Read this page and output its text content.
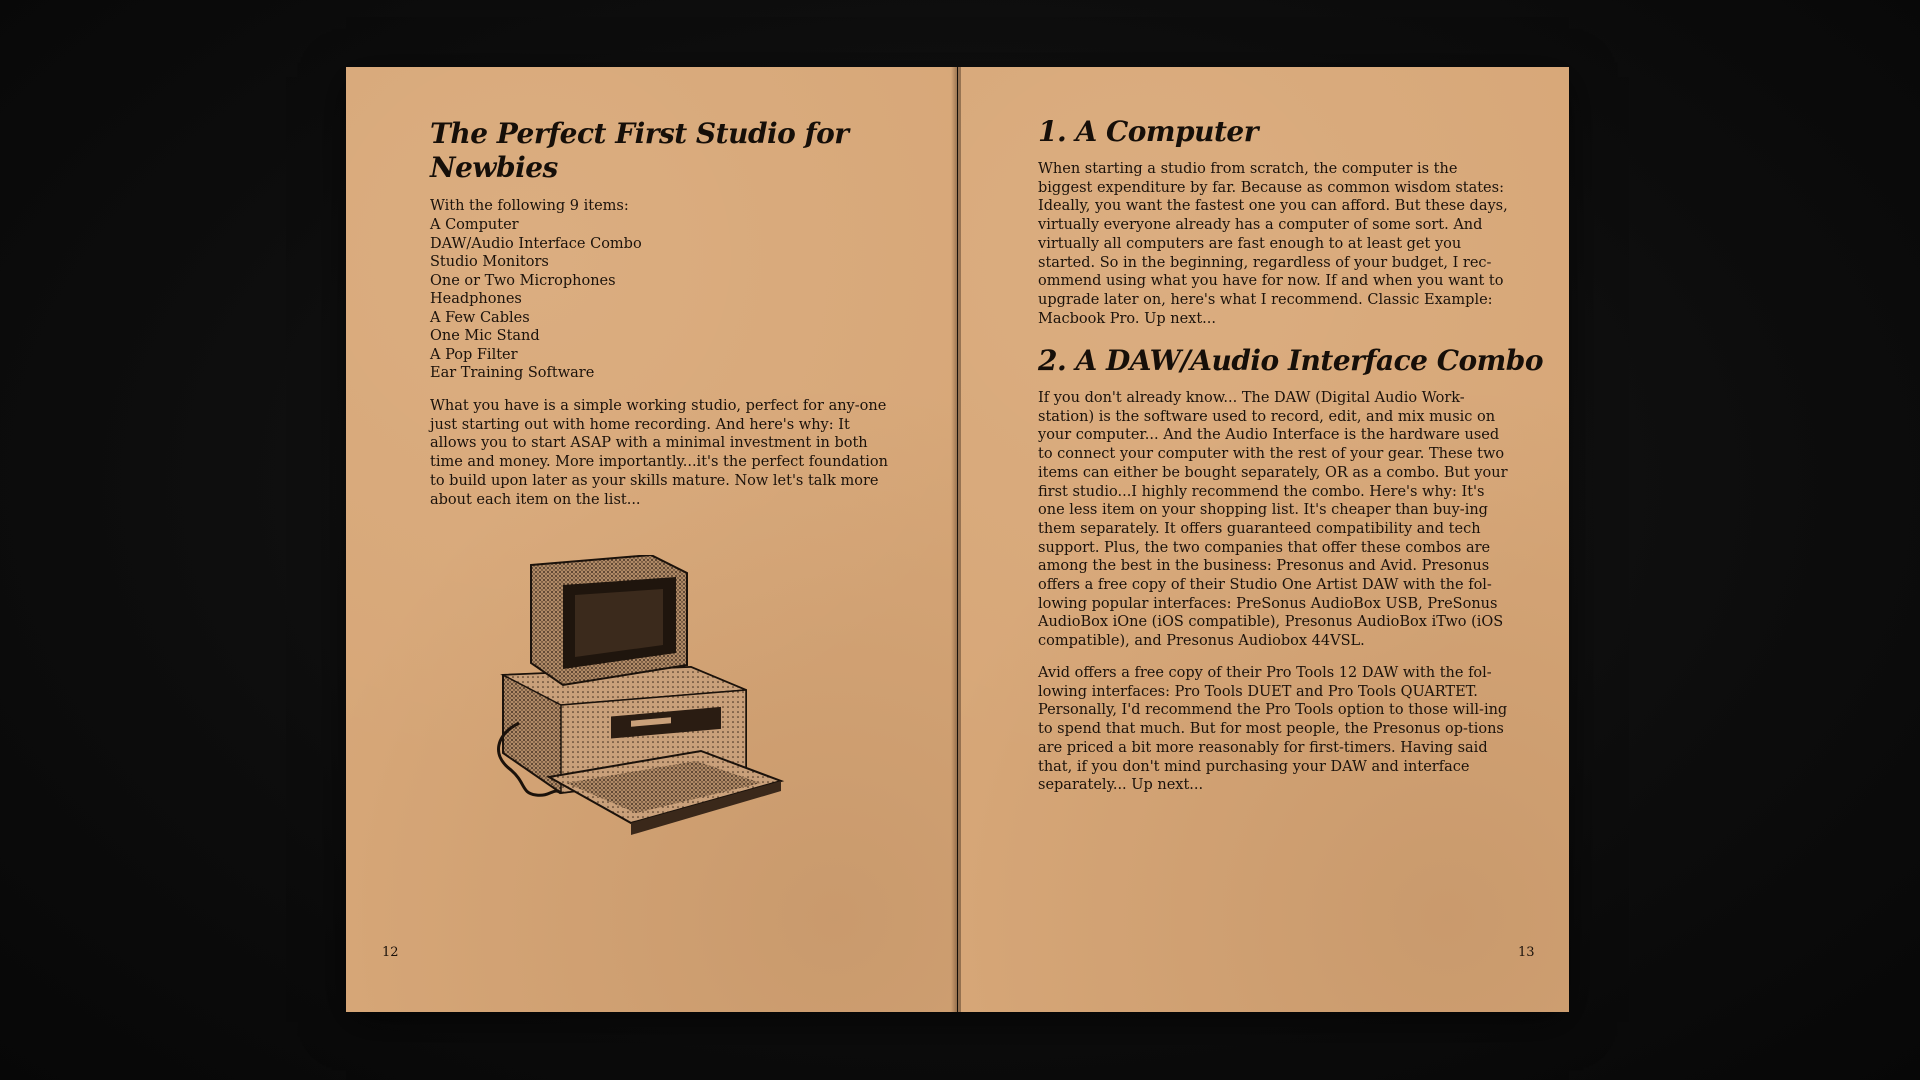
The Perfect First Studio for Newbies
With the following 9 items:
A Computer
DAW/Audio Interface Combo
Studio Monitors
One or Two Microphones
Headphones
A Few Cables
One Mic Stand
A Pop Filter
Ear Training Software

What you have is a simple working studio, perfect for any-one just starting out with home recording. And here's why: It allows you to start ASAP with a minimal investment in both time and money. More importantly...it's the perfect foundation to build upon later as your skills mature. Now let's talk more about each item on the list...

12
1. A Computer

When starting a studio from scratch, the computer is the biggest expenditure by far. Because as common wisdom states: Ideally, you want the fastest one you can afford. But these days, virtually everyone already has a computer of some sort. And virtually all computers are fast enough to at least get you started. So in the beginning, regardless of your budget, I rec-ommend using what you have for now. If and when you want to upgrade later on, here's what I recommend. Classic Example: Macbook Pro. Up next...

2. A DAW/Audio Interface Combo

If you don't already know... The DAW (Digital Audio Work-station) is the software used to record, edit, and mix music on your computer... And the Audio Interface is the hardware used to connect your computer with the rest of your gear. These two items can either be bought separately, OR as a combo. But your first studio...I highly recommend the combo. Here's why: It's one less item on your shopping list. It's cheaper than buy-ing them separately. It offers guaranteed compatibility and tech support. Plus, the two companies that offer these combos are among the best in the business: Presonus and Avid. Presonus offers a free copy of their Studio One Artist DAW with the fol-lowing popular interfaces: PreSonus AudioBox USB, PreSonus AudioBox iOne (iOS compatible), Presonus AudioBox iTwo (iOS compatible), and Presonus Audiobox 44VSL.

Avid offers a free copy of their Pro Tools 12 DAW with the fol-lowing interfaces: Pro Tools DUET and Pro Tools QUARTET. Personally, I'd recommend the Pro Tools option to those will-ing to spend that much. But for most people, the Presonus op-tions are priced a bit more reasonably for first-timers. Having said that, if you don't mind purchasing your DAW and interface separately... Up next...

13
